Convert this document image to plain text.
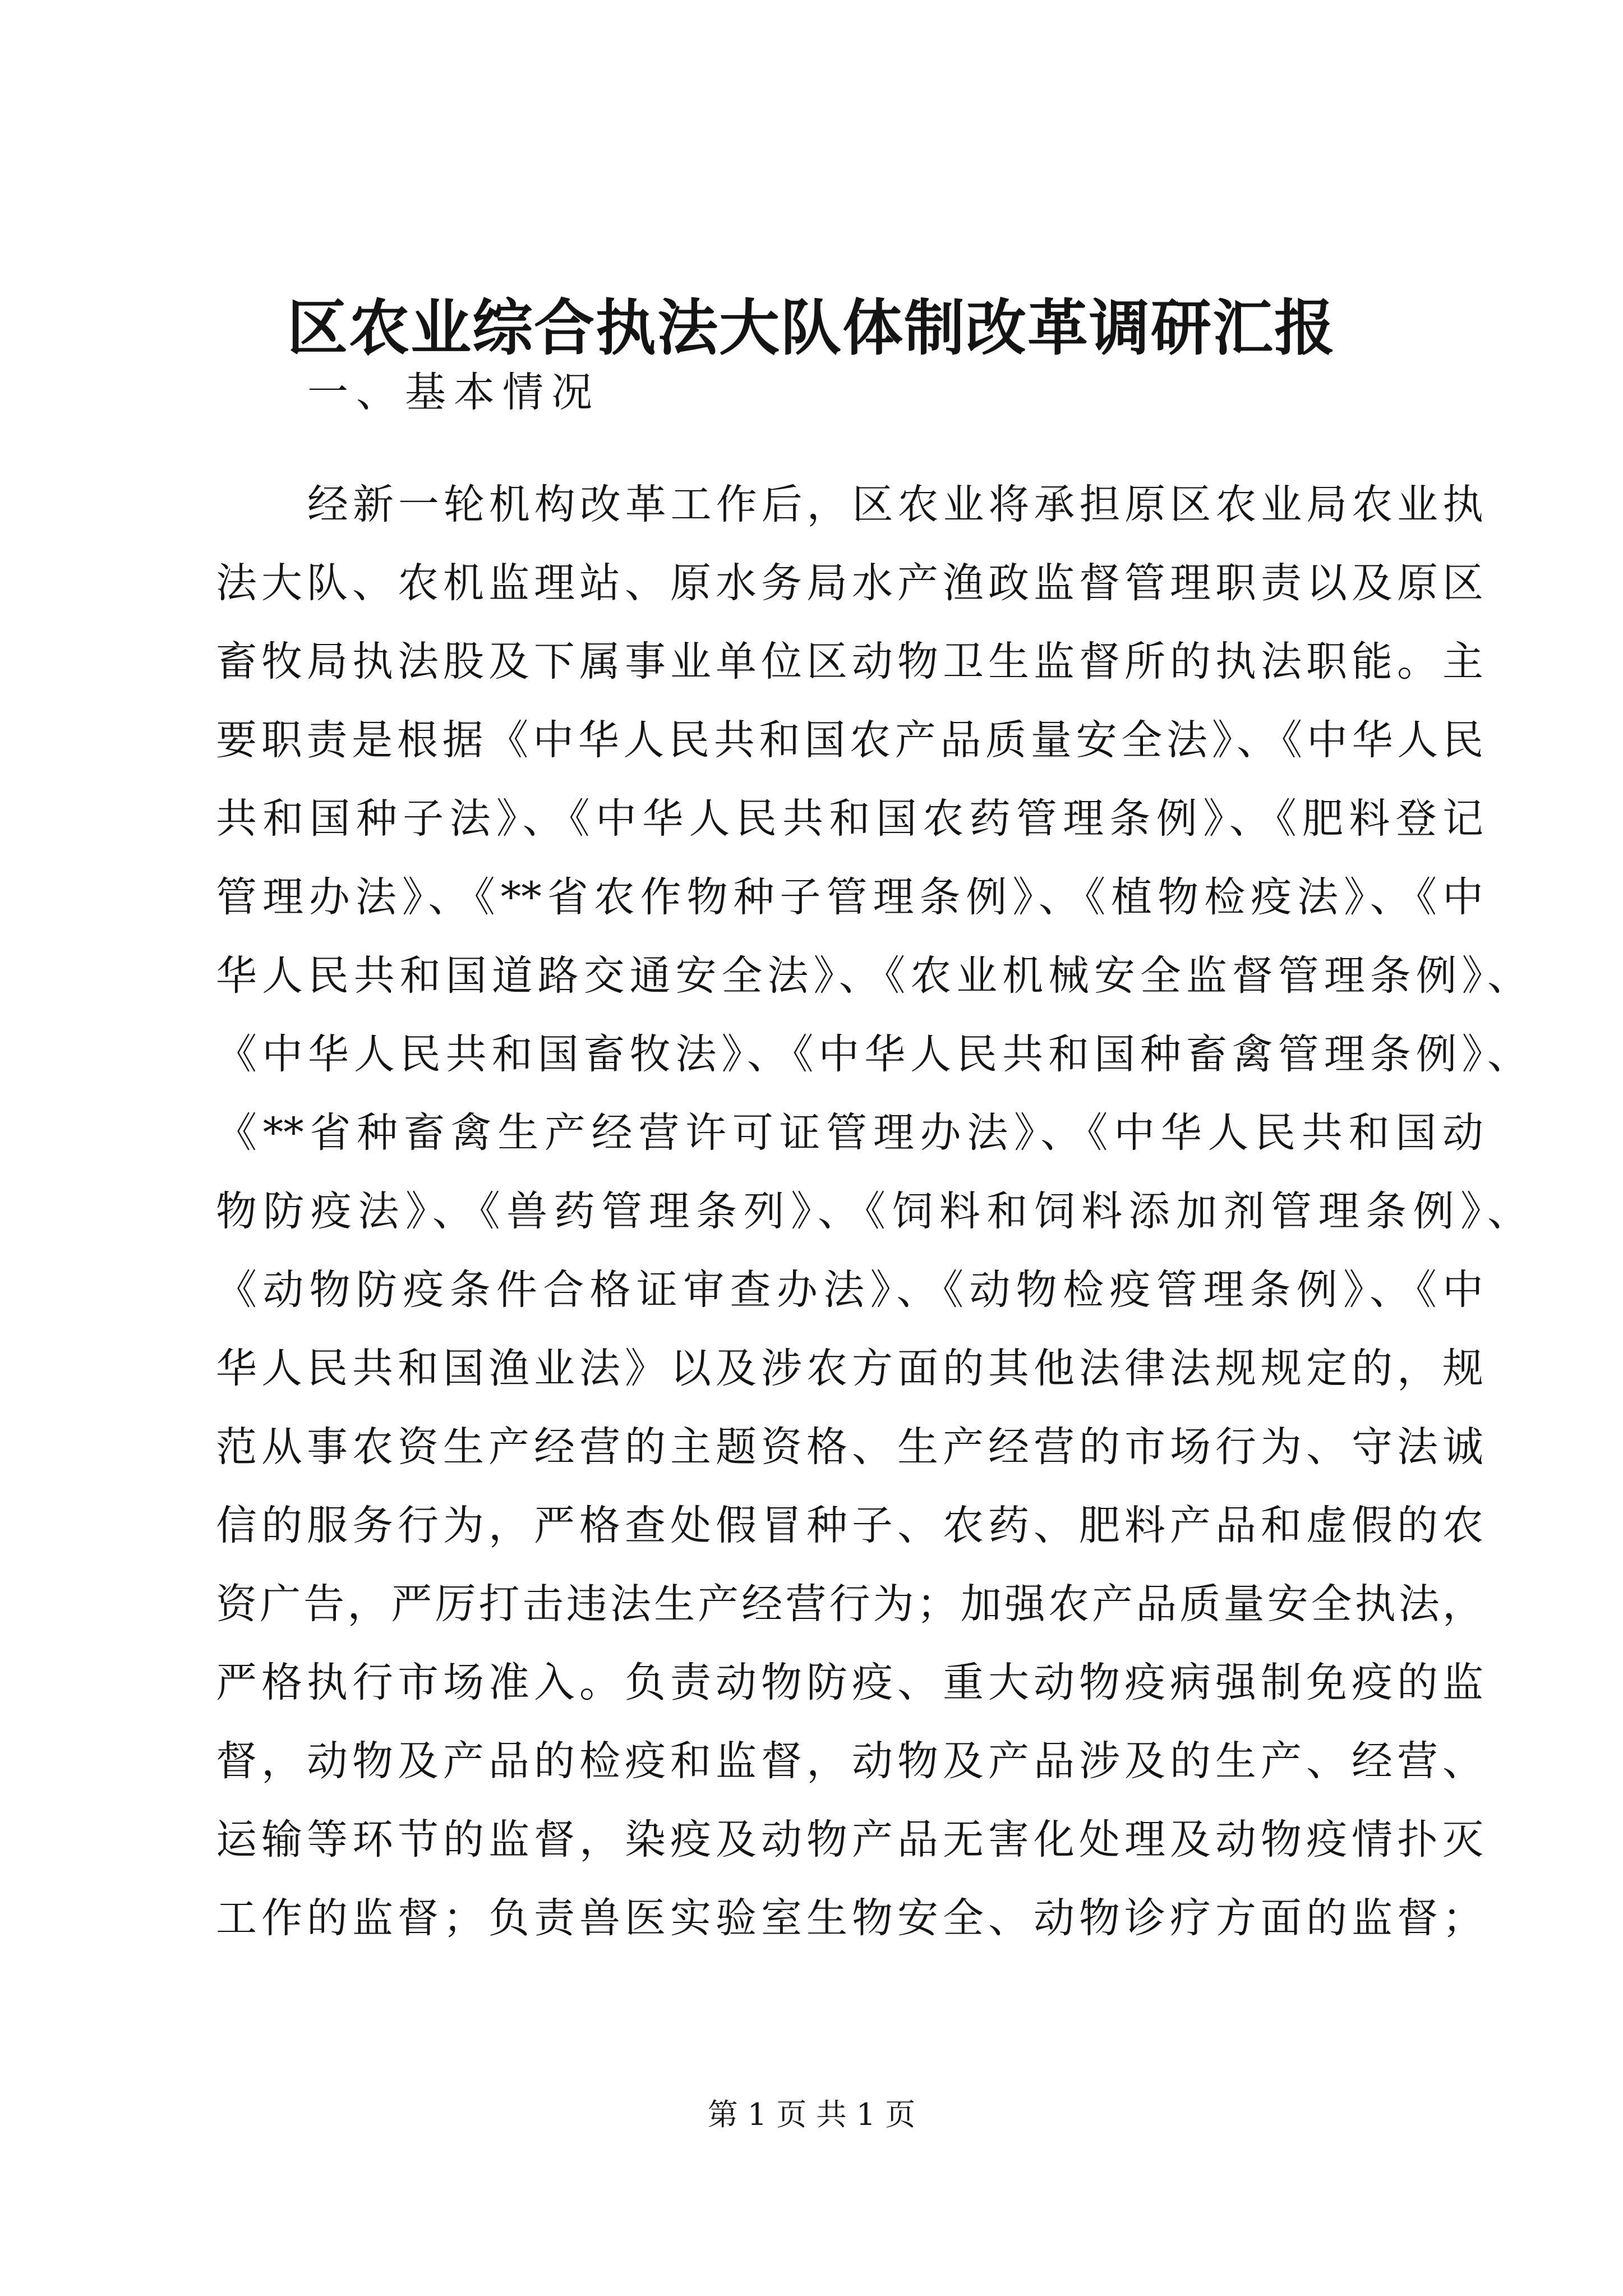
区农业综合执法大队体制改革调研汇报

一、基本情况

经新一轮机构改革工作后，区农业将承担原区农业局农业执

法大队、农机监理站、原水务局水产渔政监督管理职责以及原区

畜牧局执法股及下属事业单位区动物卫生监督所的执法职能。主

要职责是根据《中华人民共和国农产品质量安全法》、《中华人民

共和国种子法》、《中华人民共和国农药管理条例》、《肥料登记

管理办法》、《**省农作物种子管理条例》、《植物检疫法》、《中

华人民共和国道路交通安全法》、《农业机械安全监督管理条例》、

《中华人民共和国畜牧法》、《中华人民共和国种畜禽管理条例》、

《**省种畜禽生产经营许可证管理办法》、《中华人民共和国动

物防疫法》、《兽药管理条列》、《饲料和饲料添加剂管理条例》、

《动物防疫条件合格证审查办法》、《动物检疫管理条例》、《中

华人民共和国渔业法》以及涉农方面的其他法律法规规定的，规

范从事农资生产经营的主题资格、生产经营的市场行为、守法诚

信的服务行为，严格查处假冒种子、农药、肥料产品和虚假的农

资广告，严厉打击违法生产经营行为；加强农产品质量安全执法，

严格执行市场准入。负责动物防疫、重大动物疫病强制免疫的监

督，动物及产品的检疫和监督，动物及产品涉及的生产、经营、

运输等环节的监督，染疫及动物产品无害化处理及动物疫情扑灭

工作的监督；负责兽医实验室生物安全、动物诊疗方面的监督；

第 1 页 共 1 页
